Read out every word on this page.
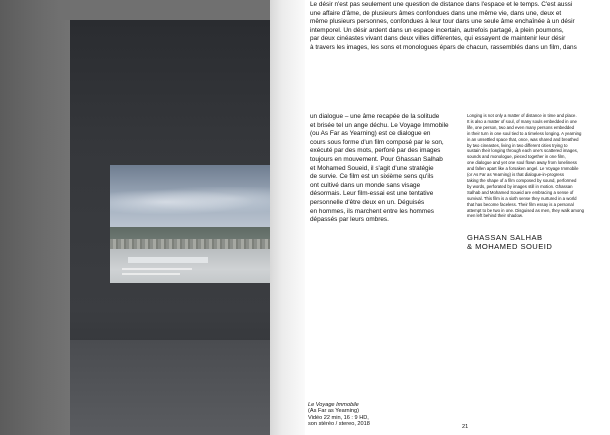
Le désir n'est pas seulement une question de distance dans l'espace et le temps. C'est aussi
une affaire d'âme, de plusieurs âmes confondues dans une même vie, dans une, deux et
même plusieurs personnes, confondues à leur tour dans une seule âme enchaînée à un désir
intemporel. Un désir ardent dans un espace incertain, autrefois partagé, à plein poumons,
par deux cinéastes vivant dans deux villes différentes, qui essayent de maintenir leur désir
à travers les images, les sons et monologues épars de chacun, rassemblés dans un film, dans
un dialogue – une âme recapée de la solitude
et brisée tel un ange déchu. Le Voyage Immobile
(ou As Far as Yearning) est ce dialogue en
cours sous forme d'un film composé par le son,
exécuté par des mots, perforé par des images
toujours en mouvement. Pour Ghassan Salhab
et Mohamed Soueid, il s'agit d'une stratégie
de survie. Ce film est un sixième sens qu'ils
ont cultivé dans un monde sans visage
désormais. Leur film-essai est une tentative
personnelle d'être deux en un. Déguisés
en hommes, ils marchent entre les hommes
dépassés par leurs ombres.
Longing is not only a matter of distance in time and place.
It is also a matter of soul, of many souls embedded in one
life, one person, two and even many persons embedded
in their turn in one soul tied to a timeless longing. A yearning
in an unsettled space that, once, was shared and breathed
by two cineastes, living in two different cities trying to
sustain their longing through each one's scattered images,
sounds and monologue, pieced together in one film,
one dialogue and yet one soul flown away from loneliness
and fallen apart like a forsaken angel. Le Voyage Immobile
(or As Far as Yearning) is that dialogue-in-progress
taking the shape of a film composed by sound, performed
by words, perforated by images still in motion. Ghassan
Salhab and Mohamed Soueid are embracing a sense of
survival. This film is a sixth sense they nurtured in a world
that has become faceless. Their film essay is a personal
attempt to be two in one. Disguised as men, they walk among
men left behind their shadow.
GHASSAN SALHAB
& MOHAMED SOUEID
Le Voyage Immobile
(As Far as Yearning)
Vidéo 22 min, 16 : 9 HD,
son stéréo / stereo, 2018	21
